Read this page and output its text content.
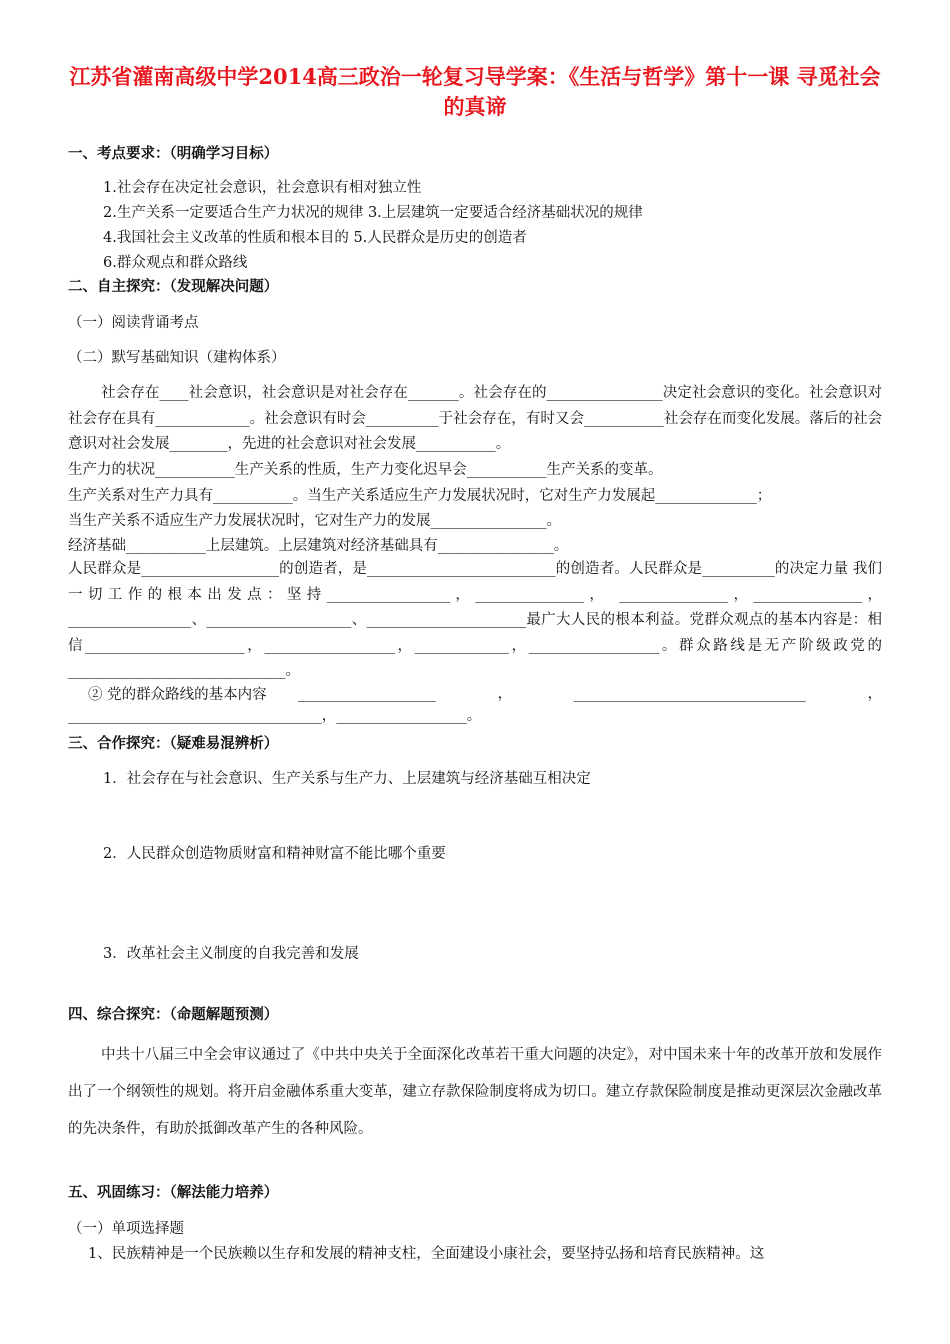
江苏省灌南高级中学2014高三政治一轮复习导学案：《生活与哲学》第十一课 寻觅社会的真谛
一、考点要求：（明确学习目标）
1.社会存在决定社会意识，社会意识有相对独立性
2.生产关系一定要适合生产力状况的规律 3.上层建筑一定要适合经济基础状况的规律
4.我国社会主义改革的性质和根本目的 5.人民群众是历史的创造者
6.群众观点和群众路线
二、自主探究：（发现解决问题）
（一）阅读背诵考点
（二）默写基础知识（建构体系）
社会存在____社会意识，社会意识是对社会存在_______。社会存在的________________决定社会意识的变化。社会意识对社会存在具有_____________。社会意识有时会__________于社会存在，有时又会___________社会存在而变化发展。落后的社会意识对社会发展________，先进的社会意识对社会发展___________。
生产力的状况___________生产关系的性质，生产力变化迟早会___________生产关系的变革。
生产关系对生产力具有___________。当生产关系适应生产力发展状况时，它对生产力发展起______________；
当生产关系不适应生产力发展状况时，它对生产力的发展________________。
经济基础___________上层建筑。上层建筑对经济基础具有________________。
人民群众是___________________的创造者，是__________________________的创造者。人民群众是__________的决定力量 我们一切工作的根本出发点：坚持_________________，_______________， _______________，_______________，_________________、____________________、______________________最广大人民的根本利益。党群众观点的基本内容是：相信______________________，__________________，_____________，__________________。群众路线是无产阶级政党的______________________________。
② 党的群众路线的基本内容	___________________，________________________________，___________________________________，__________________。
三、合作探究：（疑难易混辨析）
1．社会存在与社会意识、生产关系与生产力、上层建筑与经济基础互相决定
2．人民群众创造物质财富和精神财富不能比哪个重要
3．改革社会主义制度的自我完善和发展
四、综合探究：（命题解题预测）
中共十八届三中全会审议通过了《中共中央关于全面深化改革若干重大问题的决定》，对中国未来十年的改革开放和发展作出了一个纲领性的规划。将开启金融体系重大变革，建立存款保险制度将成为切口。建立存款保险制度是推动更深层次金融改革的先决条件，有助於抵御改革产生的各种风险。
五、巩固练习：（解法能力培养）
（一）单项选择题
1、民族精神是一个民族赖以生存和发展的精神支柱，全面建设小康社会，要坚持弘扬和培育民族精神。这
